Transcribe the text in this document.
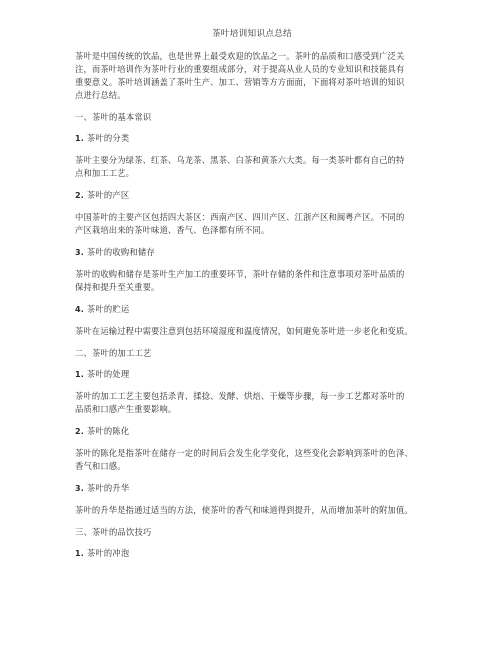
茶叶培训知识点总结
茶叶是中国传统的饮品，也是世界上最受欢迎的饮品之一。茶叶的品质和口感受到广泛关
注，而茶叶培训作为茶叶行业的重要组成部分，对于提高从业人员的专业知识和技能具有
重要意义。茶叶培训涵盖了茶叶生产、加工、营销等方方面面，下面将对茶叶培训的知识
点进行总结。
一、茶叶的基本常识
1. 茶叶的分类
茶叶主要分为绿茶、红茶、乌龙茶、黑茶、白茶和黄茶六大类。每一类茶叶都有自己的特
点和加工工艺。
2. 茶叶的产区
中国茶叶的主要产区包括四大茶区：西南产区、四川产区、江浙产区和闽粤产区。不同的
产区栽培出来的茶叶味道、香气、色泽都有所不同。
3. 茶叶的收购和储存
茶叶的收购和储存是茶叶生产加工的重要环节，茶叶存储的条件和注意事项对茶叶品质的
保持和提升至关重要。
4. 茶叶的贮运
茶叶在运输过程中需要注意到包括环境湿度和温度情况，如何避免茶叶进一步老化和变质。
二、茶叶的加工工艺
1. 茶叶的处理
茶叶的加工工艺主要包括杀青、揉捻、发酵、烘焙、干燥等步骤，每一步工艺都对茶叶的
品质和口感产生重要影响。
2. 茶叶的陈化
茶叶的陈化是指茶叶在储存一定的时间后会发生化学变化，这些变化会影响到茶叶的色泽、
香气和口感。
3. 茶叶的升华
茶叶的升华是指通过适当的方法，使茶叶的香气和味道得到提升，从而增加茶叶的附加值。
三、茶叶的品饮技巧
1. 茶叶的冲泡
